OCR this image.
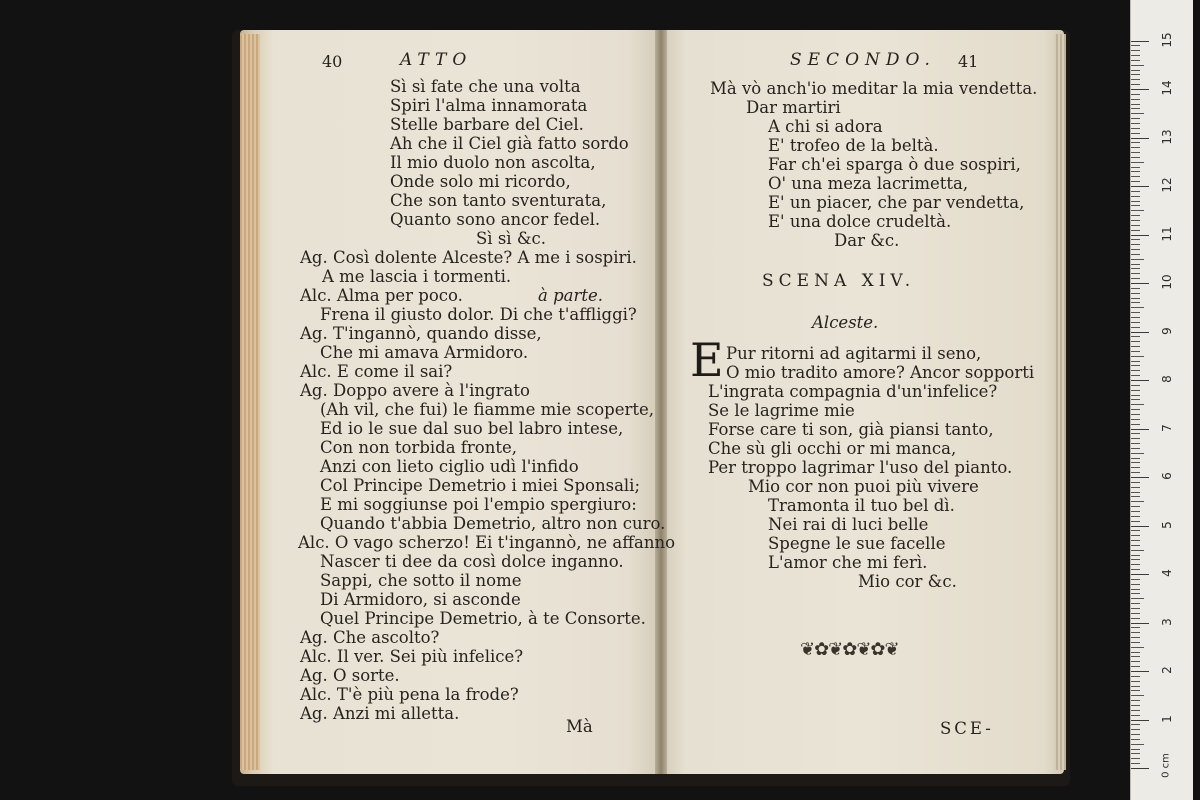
40	ATTO
Sì sì fate che una volta
Spiri l'alma innamorata
Stelle barbare del Ciel.
Ah che il Ciel già fatto sordo
Il mio duolo non ascolta,
Onde solo mi ricordo,
Che son tanto sventurata,
Quanto sono ancor fedel.
Sì sì &c.
Ag. Così dolente Alceste? A me i sospiri.
A me lascia i tormenti.
Alc. Alma per poco.	à parte.
Frena il giusto dolor. Di che t'affliggi?
Ag. T'ingannò, quando disse,
Che mi amava Armidoro.
Alc. E come il sai?
Ag. Doppo avere à l'ingrato
(Ah vil, che fui) le fiamme mie scoperte,
Ed io le sue dal suo bel labro intese,
Con non torbida fronte,
Anzi con lieto ciglio udì l'infido
Col Principe Demetrio i miei Sponsali;
E mi soggiunse poi l'empio spergiuro:
Quando t'abbia Demetrio, altro non curo.
Alc. O vago scherzo! Ei t'ingannò, ne affanno
Nascer ti dee da così dolce inganno.
Sappi, che sotto il nome
Di Armidoro, si asconde
Quel Principe Demetrio, à te Consorte.
Ag. Che ascolto?
Alc. Il ver. Sei più infelice?
Ag. O sorte.
Alc. T'è più pena la frode?
Ag. Anzi mi alletta.
Mà
SECONDO. 41
Mà vò anch'io meditar la mia vendetta.
Dar martiri
A chi si adora
E' trofeo de la beltà.
Far ch'ei sparga ò due sospiri,
O' una meza lacrimetta,
E' un piacer, che par vendetta,
E' una dolce crudeltà.
Dar &c.
SCENA XIV.
Alceste.
E Pur ritorni ad agitarmi il seno,
O mio tradito amore? Ancor sopporti
L'ingrata compagnia d'un'infelice?
Se le lagrime mie
Forse care ti son, già piansi tanto,
Che sù gli occhi or mi manca,
Per troppo lagrimar l'uso del pianto.
Mio cor non puoi più vivere
Tramonta il tuo bel dì.
Nei rai di luci belle
Spegne le sue facelle
L'amor che mi ferì.
Mio cor &c.
❦✿❦✿❦✿❦
SCE-
1
2
3
4
5
6
7
8
9
10
11
12
13
14
15
0 cm
